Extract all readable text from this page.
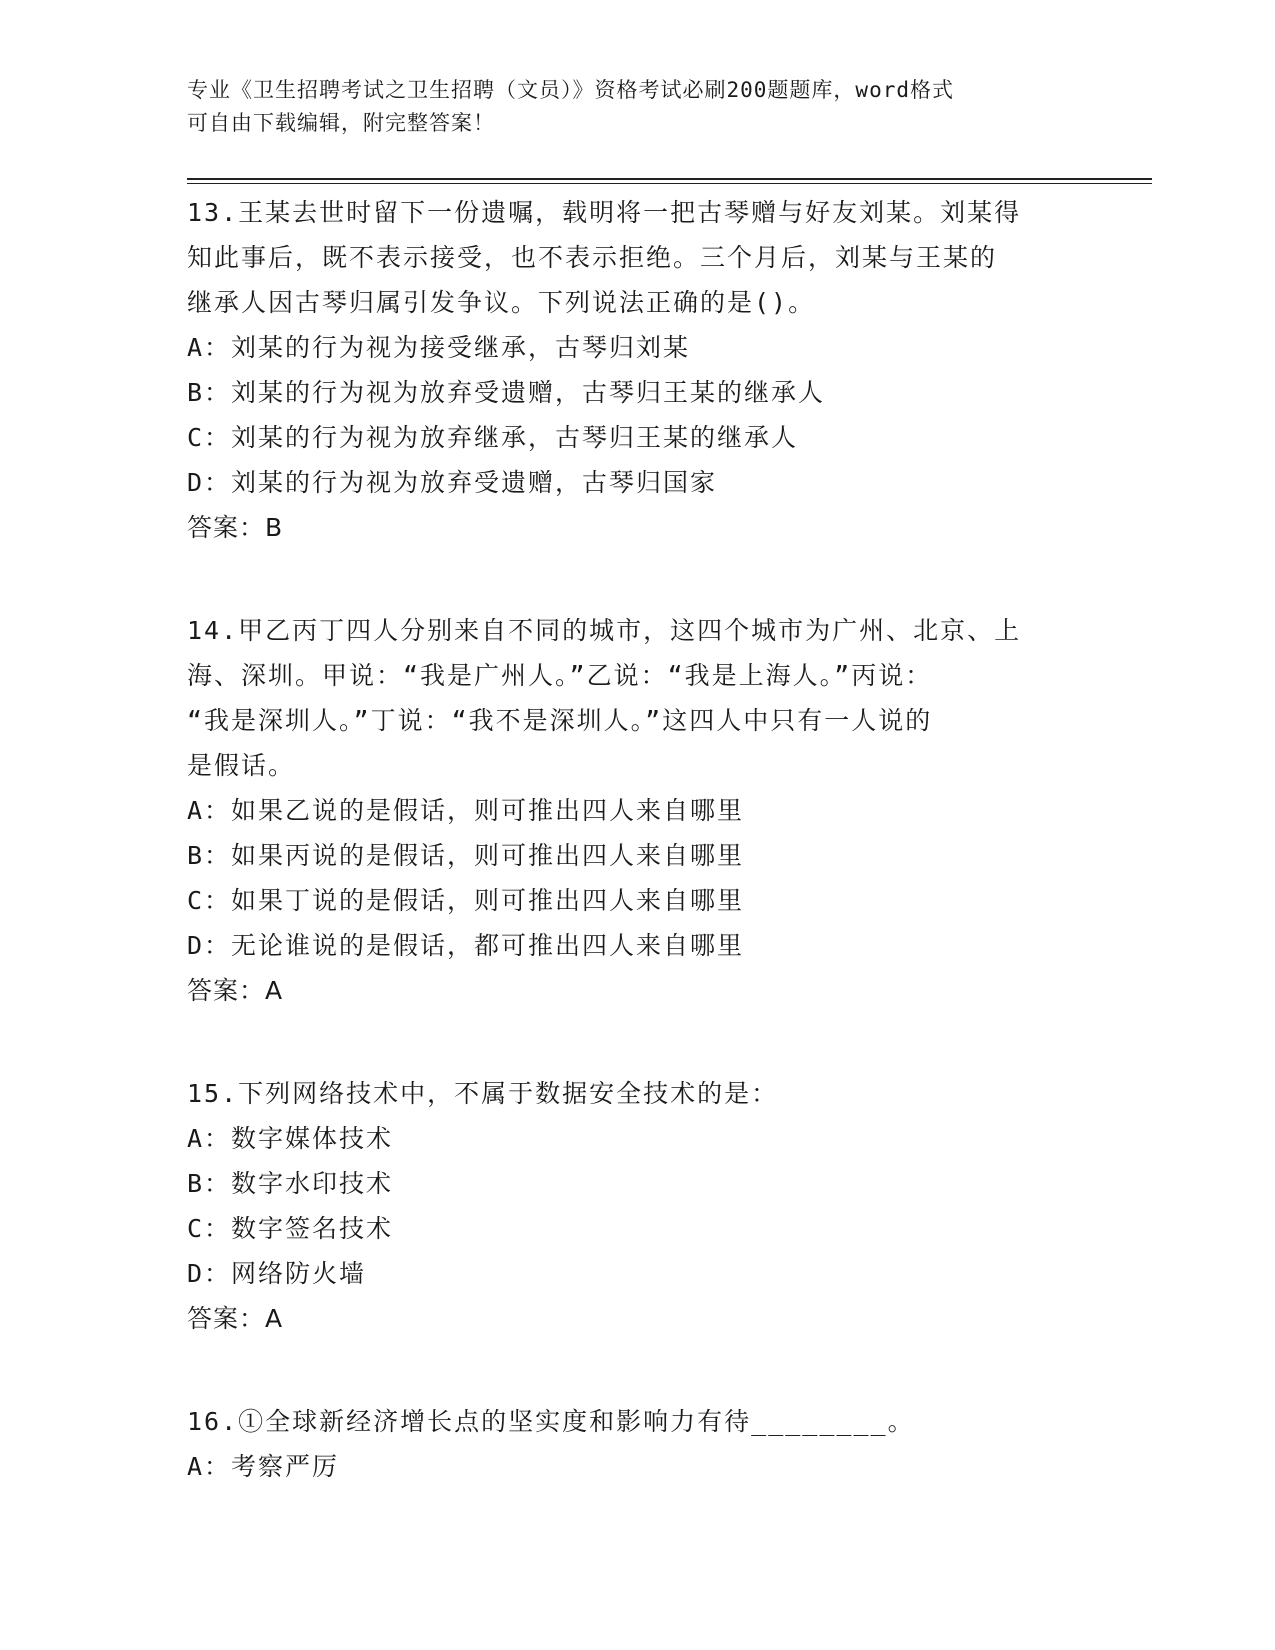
专业《卫生招聘考试之卫生招聘（文员）》资格考试必刷200题题库，word格式
可自由下载编辑，附完整答案！
13.王某去世时留下一份遗嘱，载明将一把古琴赠与好友刘某。刘某得
知此事后，既不表示接受，也不表示拒绝。三个月后，刘某与王某的
继承人因古琴归属引发争议。下列说法正确的是()。
A：刘某的行为视为接受继承，古琴归刘某
B：刘某的行为视为放弃受遗赠，古琴归王某的继承人
C：刘某的行为视为放弃继承，古琴归王某的继承人
D：刘某的行为视为放弃受遗赠，古琴归国家
答案：B
14.甲乙丙丁四人分别来自不同的城市，这四个城市为广州、北京、上
海、深圳。甲说：“我是广州人。”乙说：“我是上海人。”丙说：
“我是深圳人。”丁说：“我不是深圳人。”这四人中只有一人说的
是假话。
A：如果乙说的是假话，则可推出四人来自哪里
B：如果丙说的是假话，则可推出四人来自哪里
C：如果丁说的是假话，则可推出四人来自哪里
D：无论谁说的是假话，都可推出四人来自哪里
答案：A
15.下列网络技术中，不属于数据安全技术的是：
A：数字媒体技术
B：数字水印技术
C：数字签名技术
D：网络防火墙
答案：A
16.①全球新经济增长点的坚实度和影响力有待________。
A：考察严厉
